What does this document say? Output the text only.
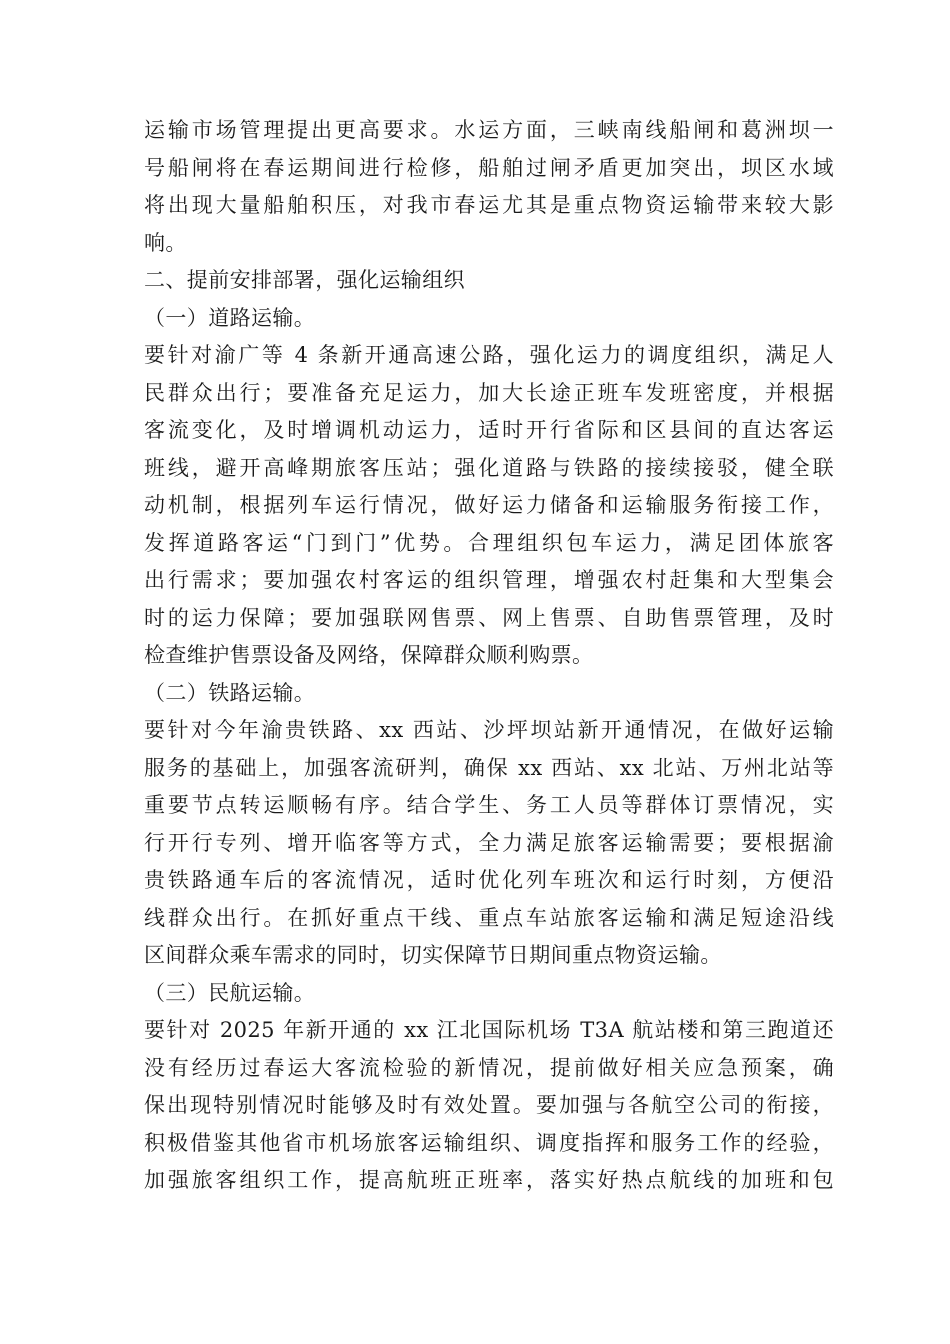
运输市场管理提出更高要求。水运方面，三峡南线船闸和葛洲坝一
号船闸将在春运期间进行检修，船舶过闸矛盾更加突出，坝区水域
将出现大量船舶积压，对我市春运尤其是重点物资运输带来较大影
响。
二、提前安排部署，强化运输组织
（一）道路运输。
要针对渝广等 4 条新开通高速公路，强化运力的调度组织，满足人
民群众出行；要准备充足运力，加大长途正班车发班密度，并根据
客流变化，及时增调机动运力，适时开行省际和区县间的直达客运
班线，避开高峰期旅客压站；强化道路与铁路的接续接驳，健全联
动机制，根据列车运行情况，做好运力储备和运输服务衔接工作，
发挥道路客运“门到门”优势。合理组织包车运力，满足团体旅客
出行需求；要加强农村客运的组织管理，增强农村赶集和大型集会
时的运力保障；要加强联网售票、网上售票、自助售票管理，及时
检查维护售票设备及网络，保障群众顺利购票。
（二）铁路运输。
要针对今年渝贵铁路、xx 西站、沙坪坝站新开通情况，在做好运输
服务的基础上，加强客流研判，确保 xx 西站、xx 北站、万州北站等
重要节点转运顺畅有序。结合学生、务工人员等群体订票情况，实
行开行专列、增开临客等方式，全力满足旅客运输需要；要根据渝
贵铁路通车后的客流情况，适时优化列车班次和运行时刻，方便沿
线群众出行。在抓好重点干线、重点车站旅客运输和满足短途沿线
区间群众乘车需求的同时，切实保障节日期间重点物资运输。
（三）民航运输。
要针对 2025 年新开通的 xx 江北国际机场 T3A 航站楼和第三跑道还
没有经历过春运大客流检验的新情况，提前做好相关应急预案，确
保出现特别情况时能够及时有效处置。要加强与各航空公司的衔接，
积极借鉴其他省市机场旅客运输组织、调度指挥和服务工作的经验，
加强旅客组织工作，提高航班正班率，落实好热点航线的加班和包
